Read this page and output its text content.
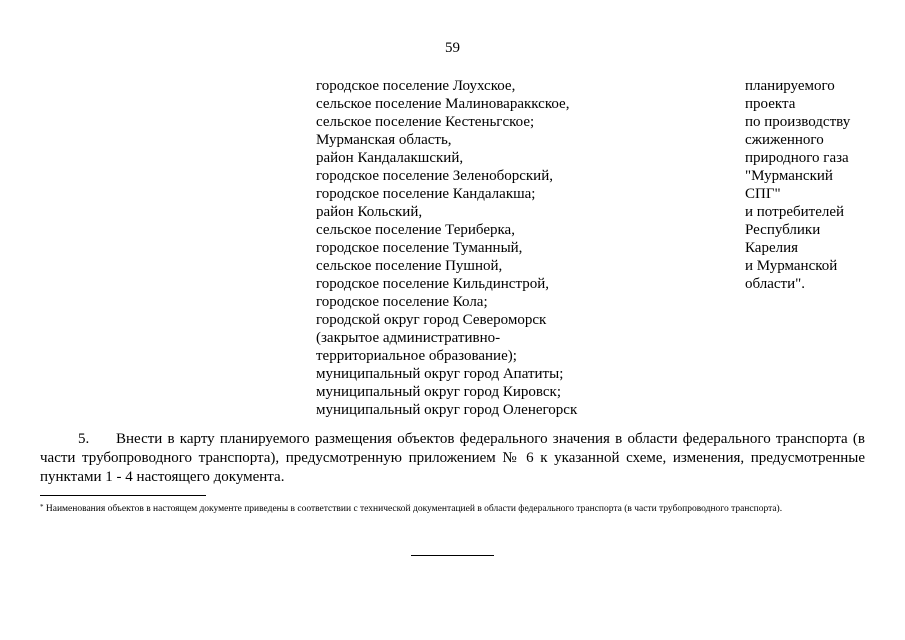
59
городское поселение Лоухское,
сельское поселение Малиновараккское,
сельское поселение Кестеньгское;
Мурманская область,
район Кандалакшский,
городское поселение Зеленоборский,
городское поселение Кандалакша;
район Кольский,
сельское поселение Териберка,
городское поселение Туманный,
сельское поселение Пушной,
городское поселение Кильдинстрой,
городское поселение Кола;
городской округ город Североморск
(закрытое административно-
территориальное образование);
муниципальный округ город Апатиты;
муниципальный округ город Кировск;
муниципальный округ город Оленегорск
планируемого
проекта
по производству
сжиженного
природного газа
"Мурманский
СПГ"
и потребителей
Республики
Карелия
и Мурманской
области".

5. Внести в карту планируемого размещения объектов федерального значения в области федерального транспорта (в части трубопроводного транспорта), предусмотренную приложением № 6 к указанной схеме, изменения, предусмотренные пунктами 1 - 4 настоящего документа.

* Наименования объектов в настоящем документе приведены в соответствии с технической документацией в области федерального транспорта (в части трубопроводного транспорта).
